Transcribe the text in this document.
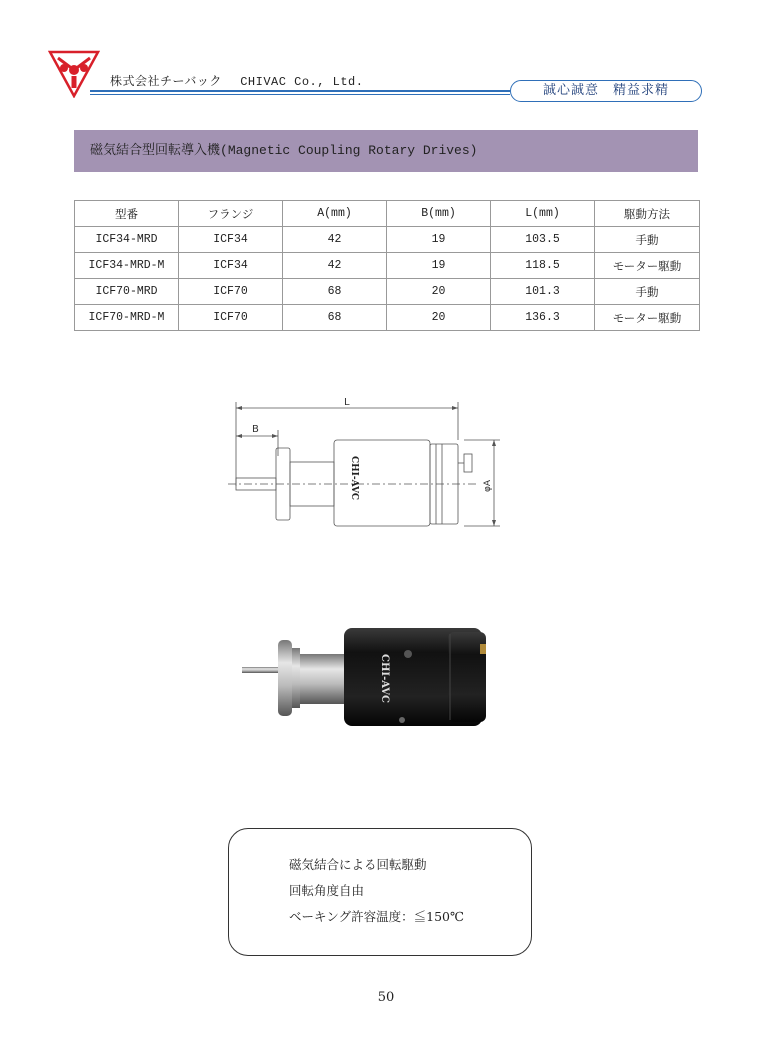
株式会社チーバック CHIVAC Co., Ltd.
誠心誠意　精益求精
磁気結合型回転導入機(Magnetic Coupling Rotary Drives)
型番	フランジ	A(mm)	B(mm)	L(mm)	駆動方法
ICF34-MRD	ICF34	42	19	103.5	手動
ICF34-MRD-M	ICF34	42	19	118.5	モーター駆動
ICF70-MRD	ICF70	68	20	101.3	手動
ICF70-MRD-M	ICF70	68	20	136.3	モーター駆動
L
B
φA
CHI-AVC
CHI-AVC
磁気結合による回転駆動
回転角度自由
ベーキング許容温度：≦150℃
50
